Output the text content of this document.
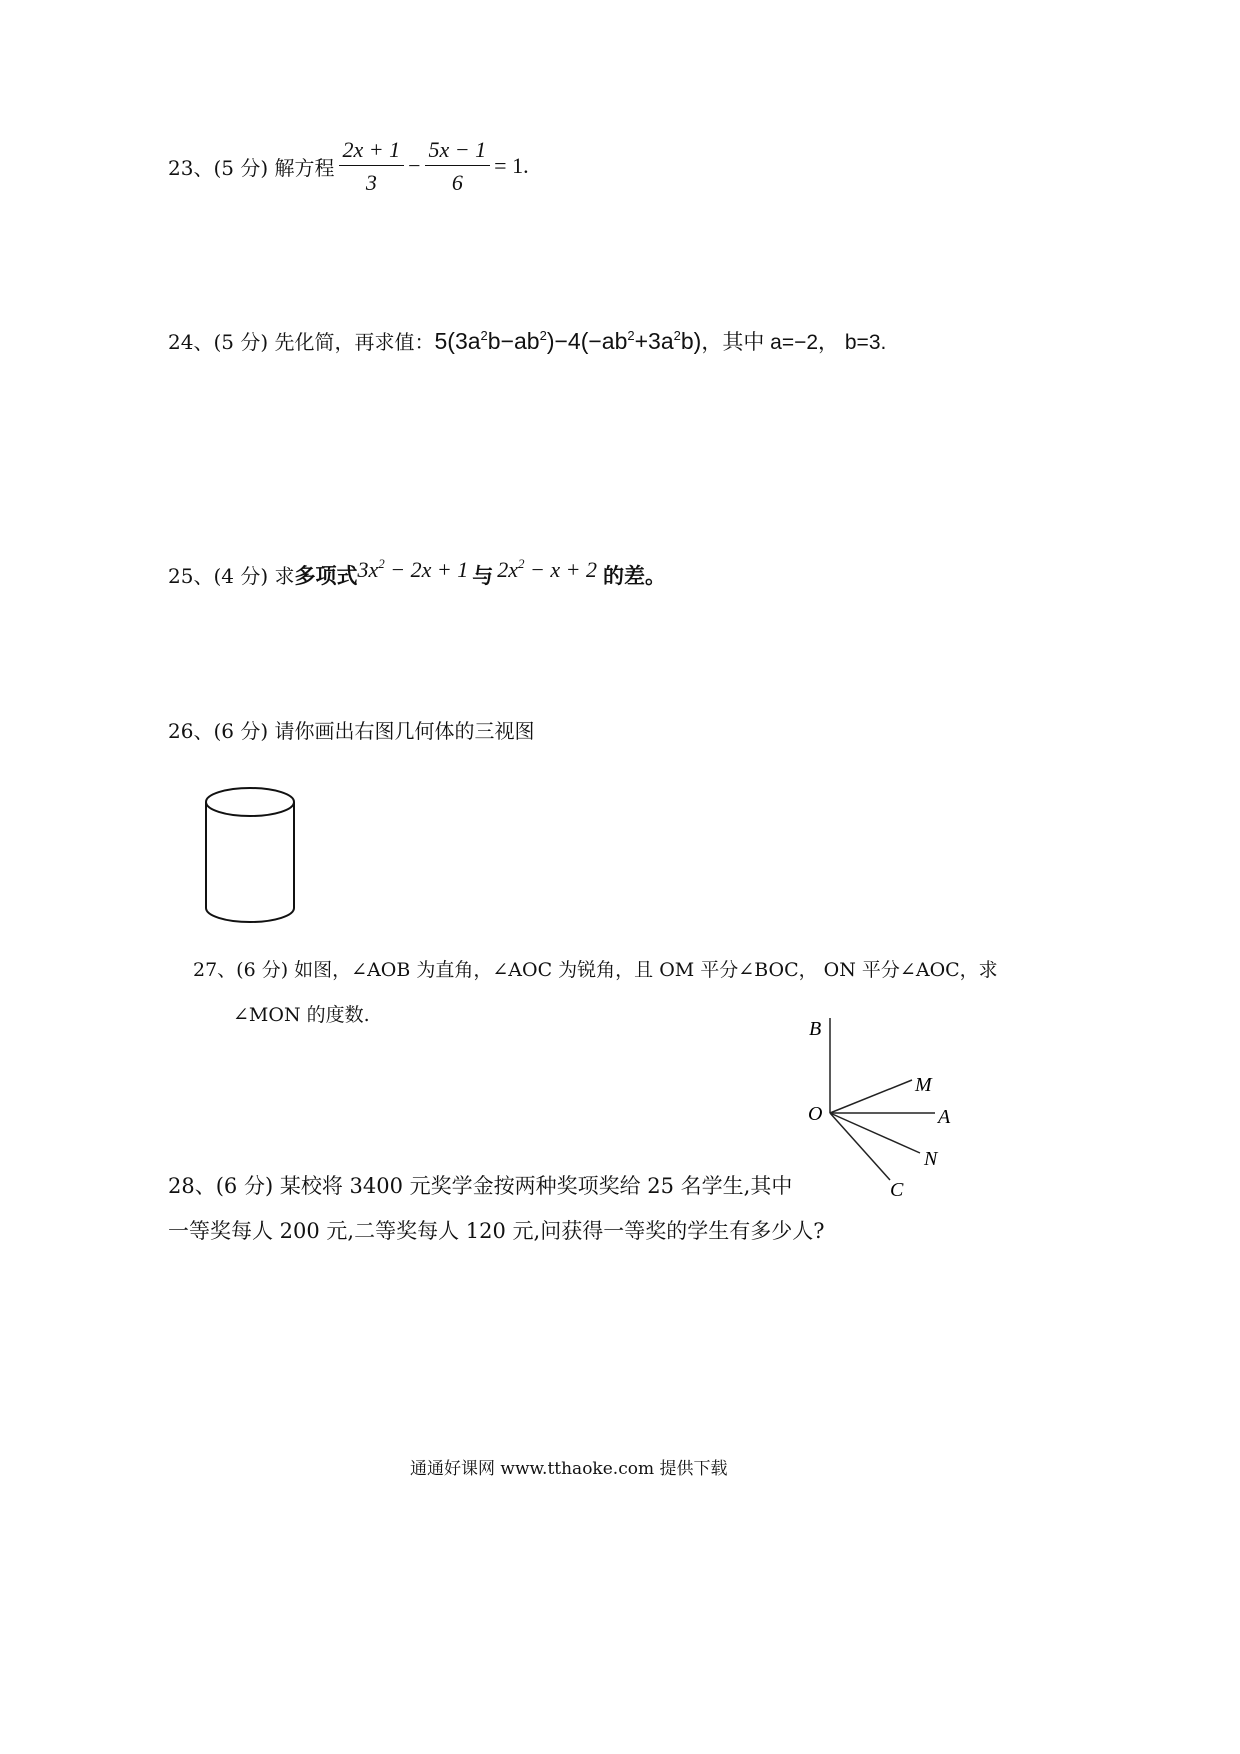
23、(5 分) 解方程 $\frac{2x + 1}{3} - \frac{5x - 1}{6} = 1$.
24、(5 分) 先化简，再求值：$5(3a^2b-ab^2)-4(-ab^2+3a^2b)$，其中 a=−2， b=3.
25、(4 分) 求多项式$3x^2 - 2x + 1$ 与 $2x^2 - x + 2$ 的差。
26、(6 分) 请你画出右图几何体的三视图
27、(6 分) 如图，∠AOB 为直角，∠AOC 为锐角，且 OM 平分∠BOC， ON 平分∠AOC，求
∠MON 的度数.
B
M
O	A
N
C
28、(6 分) 某校将 3400 元奖学金按两种奖项奖给 25 名学生,其中
一等奖每人 200 元,二等奖每人 120 元,问获得一等奖的学生有多少人?
通通好课网 www.tthaoke.com 提供下载
